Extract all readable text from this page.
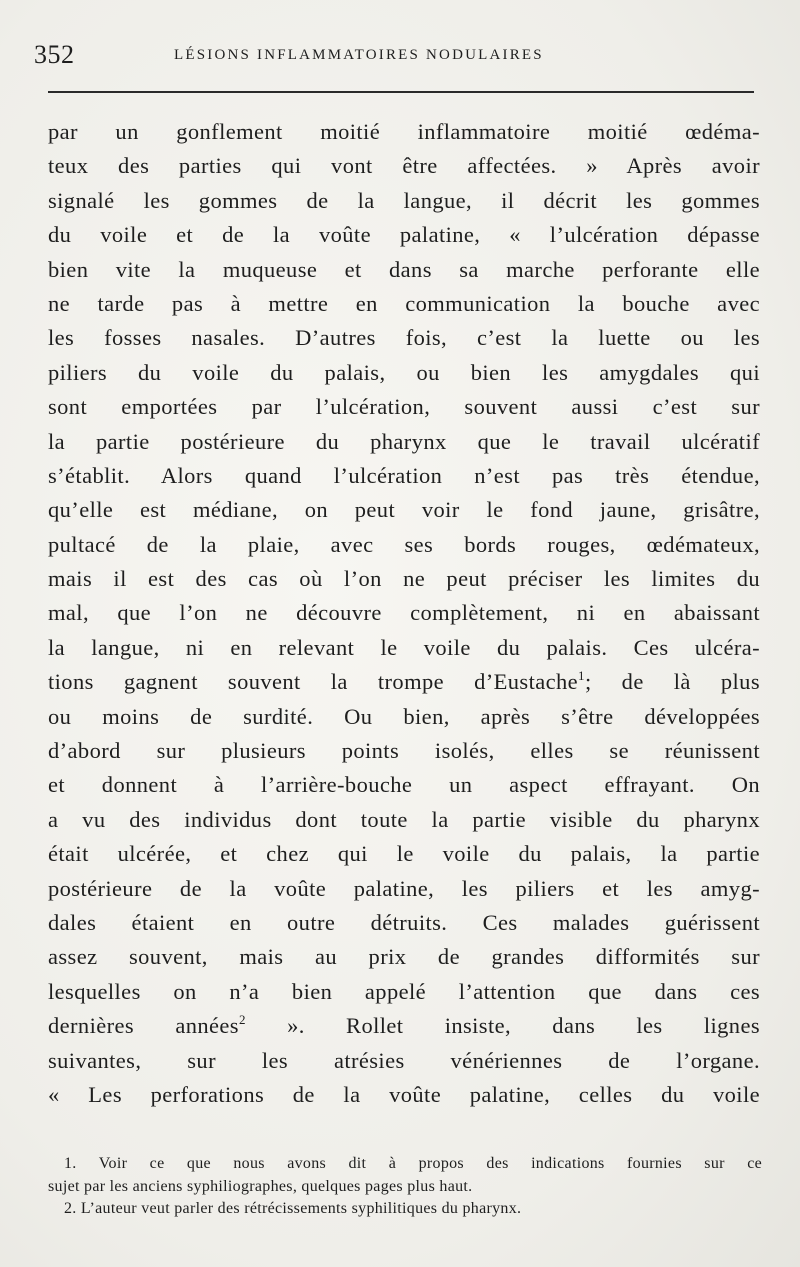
352	LÉSIONS INFLAMMATOIRES NODULAIRES
par un gonflement moitié inflammatoire moitié œdéma-
teux des parties qui vont être affectées. » Après avoir
signalé les gommes de la langue, il décrit les gommes
du voile et de la voûte palatine, « l’ulcération dépasse
bien vite la muqueuse et dans sa marche perforante elle
ne tarde pas à mettre en communication la bouche avec
les fosses nasales. D’autres fois, c’est la luette ou les
piliers du voile du palais, ou bien les amygdales qui
sont emportées par l’ulcération, souvent aussi c’est sur
la partie postérieure du pharynx que le travail ulcératif
s’établit. Alors quand l’ulcération n’est pas très étendue,
qu’elle est médiane, on peut voir le fond jaune, grisâtre,
pultacé de la plaie, avec ses bords rouges, œdémateux,
mais il est des cas où l’on ne peut préciser les limites du
mal, que l’on ne découvre complètement, ni en abaissant
la langue, ni en relevant le voile du palais. Ces ulcéra-
tions gagnent souvent la trompe d’Eustache$^1$; de là plus
ou moins de surdité. Ou bien, après s’être développées
d’abord sur plusieurs points isolés, elles se réunissent
et donnent à l’arrière-bouche un aspect effrayant. On
a vu des individus dont toute la partie visible du pharynx
était ulcérée, et chez qui le voile du palais, la partie
postérieure de la voûte palatine, les piliers et les amyg-
dales étaient en outre détruits. Ces malades guérissent
assez souvent, mais au prix de grandes difformités sur
lesquelles on n’a bien appelé l’attention que dans ces
dernières années$^2$ ». Rollet insiste, dans les lignes
suivantes, sur les atrésies vénériennes de l’organe.
« Les perforations de la voûte palatine, celles du voile
1. Voir ce que nous avons dit à propos des indications fournies sur ce
sujet par les anciens syphiliographes, quelques pages plus haut.
2. L’auteur veut parler des rétrécissements syphilitiques du pharynx.
